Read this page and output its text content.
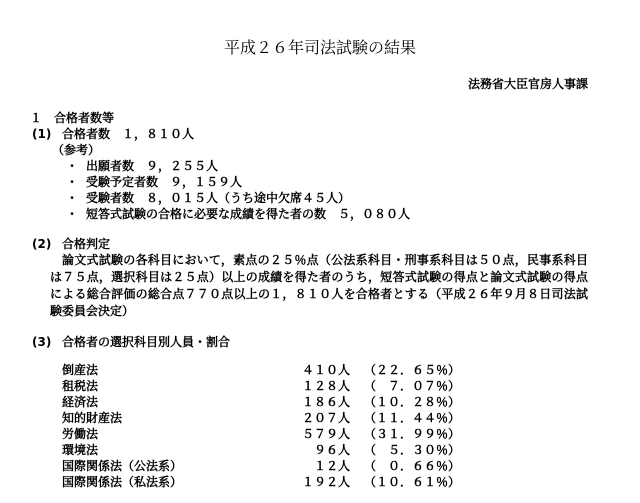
平成２６年司法試験の結果
法務省大臣官房人事課
１　合格者数等
(1) 合格者数　１，８１０人
（参考）
・ 出願者数　９，２５５人
・ 受験予定者数　９，１５９人
・ 受験者数　８，０１５人（うち途中欠席４５人）
・ 短答式試験の合格に必要な成績を得た者の数　５，０８０人
(2) 合格判定
論文式試験の各科目において，素点の２５％点（公法系科目・刑事系科目は５０点，民事系科目は７５点，選択科目は２５点）以上の成績を得た者のうち，短答式試験の得点と論文式試験の得点による総合評価の総合点７７０点以上の１，８１０人を合格者とする（平成２６年９月８日司法試験委員会決定）
(3) 合格者の選択科目別人員・割合
倒産法	４１０人	（２２．６５％）
租税法	１２８人	（　７．０７％）
経済法	１８６人	（１０．２８％）
知的財産法	２０７人	（１１．４４％）
労働法	５７９人	（３１．９９％）
環境法	９６人	（　５．３０％）
国際関係法（公法系）	１２人	（　０．６６％）
国際関係法（私法系）	１９２人	（１０．６１％）
